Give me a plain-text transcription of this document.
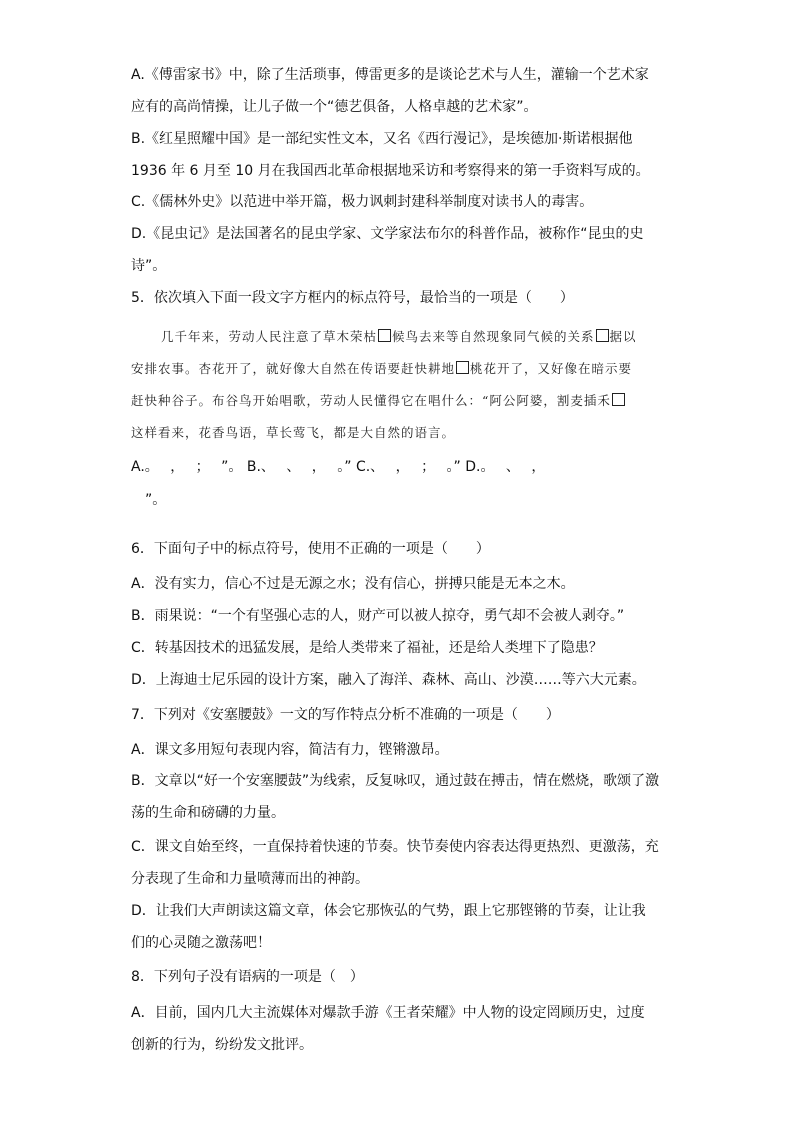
A.《傅雷家书》中，除了生活琐事，傅雷更多的是谈论艺术与人生，灌输一个艺术家
应有的高尚情操，让儿子做一个“德艺俱备，人格卓越的艺术家”。
B.《红星照耀中国》是一部纪实性文本，又名《西行漫记》，是埃德加·斯诺根据他
1936 年 6 月至 10 月在我国西北革命根据地采访和考察得来的第一手资料写成的。
C.《儒林外史》以范进中举开篇，极力讽刺封建科举制度对读书人的毒害。
D.《昆虫记》是法国著名的昆虫学家、文学家法布尔的科普作品，被称作“昆虫的史
诗”。
5．依次填入下面一段文字方框内的标点符号，最恰当的一项是（　　）
几千年来，劳动人民注意了草木荣枯 候鸟去来等自然现象同气候的关系 据以
安排农事。杏花开了，就好像大自然在传语要赶快耕地 桃花开了，又好像在暗示要
赶快种谷子。布谷鸟开始唱歌，劳动人民懂得它在唱什么：“阿公阿婆，割麦插禾
这样看来，花香鸟语，草长莺飞，都是大自然的语言。
A.。　 ，　 ；　 ”。 B.、　 、　 ，　 。” C.、　 ，　 ；　 。” D.。　 、　 ，
　”。
6．下面句子中的标点符号，使用不正确的一项是（　　）
A．没有实力，信心不过是无源之水；没有信心，拼搏只能是无本之木。
B．雨果说：“一个有坚强心志的人，财产可以被人掠夺，勇气却不会被人剥夺。”
C．转基因技术的迅猛发展，是给人类带来了福祉，还是给人类埋下了隐患？
D．上海迪士尼乐园的设计方案，融入了海洋、森林、高山、沙漠……等六大元素。
7．下列对《安塞腰鼓》一文的写作特点分析不准确的一项是（　　）
A．课文多用短句表现内容，简洁有力，铿锵激昂。
B．文章以“好一个安塞腰鼓”为线索，反复咏叹，通过鼓在搏击，情在燃烧，歌颂了激
荡的生命和磅礴的力量。
C．课文自始至终，一直保持着快速的节奏。快节奏使内容表达得更热烈、更激荡，充
分表现了生命和力量喷薄而出的神韵。
D．让我们大声朗读这篇文章，体会它那恢弘的气势，跟上它那铿锵的节奏，让让我
们的心灵随之激荡吧！
8．下列句子没有语病的一项是（　）
A．目前，国内几大主流媒体对爆款手游《王者荣耀》中人物的设定罔顾历史，过度
创新的行为，纷纷发文批评。
